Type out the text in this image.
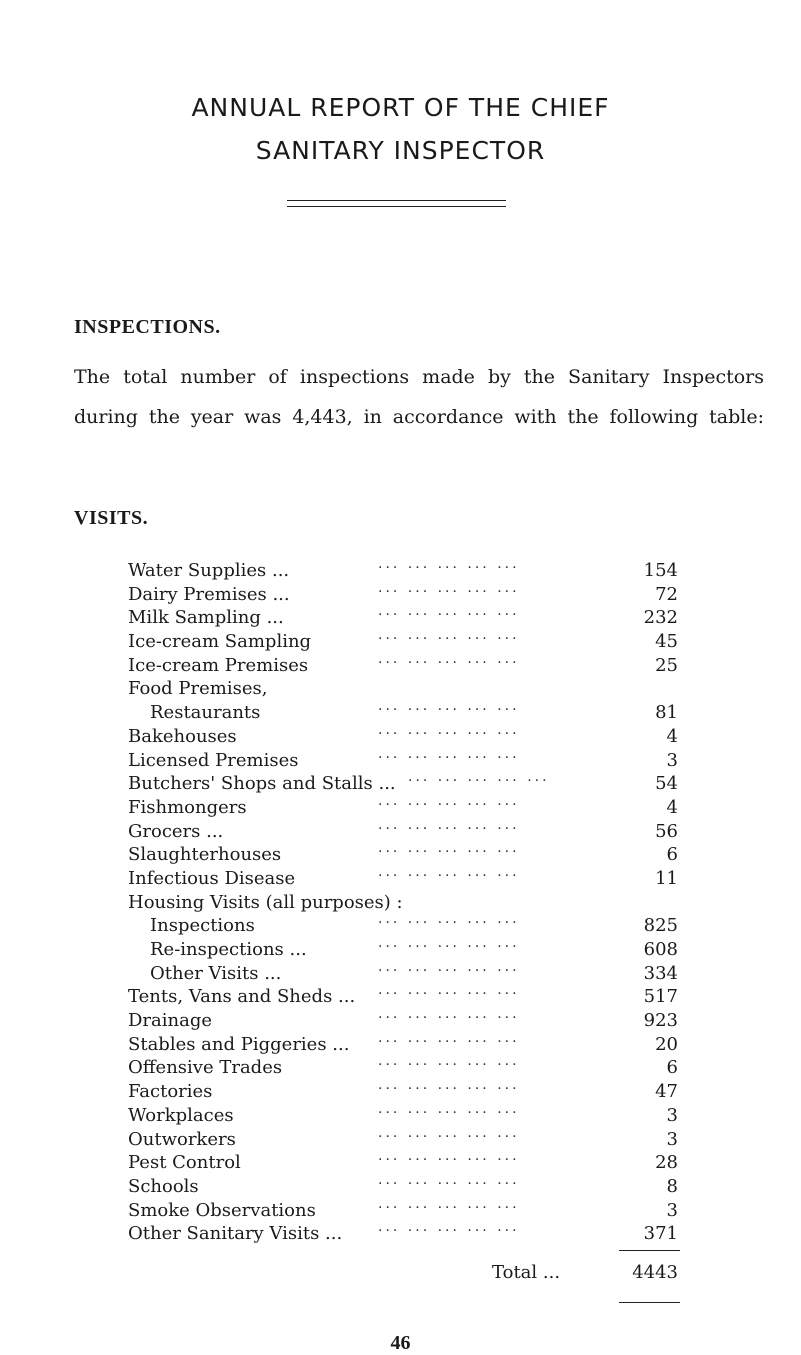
ANNUAL REPORT OF THE CHIEF
SANITARY INSPECTOR
INSPECTIONS.
The total number of inspections made by the Sanitary Inspectors
during the year was 4,443, in accordance with the following table:
VISITS.
Water Supplies ...	··· ··· ··· ··· ···	154
Dairy Premises ...	··· ··· ··· ··· ···	72
Milk Sampling ...	··· ··· ··· ··· ···	232
Ice-cream Sampling	··· ··· ··· ··· ···	45
Ice-cream Premises	··· ··· ··· ··· ···	25
Food Premises,
Restaurants	··· ··· ··· ··· ···	81
Bakehouses	··· ··· ··· ··· ···	4
Licensed Premises	··· ··· ··· ··· ···	3
Butchers' Shops and Stalls ... ··· ··· ··· ··· ···	54
Fishmongers	··· ··· ··· ··· ···	4
Grocers ...	··· ··· ··· ··· ···	56
Slaughterhouses	··· ··· ··· ··· ···	6
Infectious Disease	··· ··· ··· ··· ···	11
Housing Visits (all purposes) :
Inspections	··· ··· ··· ··· ···	825
Re-inspections ...	··· ··· ··· ··· ···	608
Other Visits ...	··· ··· ··· ··· ···	334
Tents, Vans and Sheds ... ··· ··· ··· ··· ···	517
Drainage	··· ··· ··· ··· ···	923
Stables and Piggeries ... ··· ··· ··· ··· ···	20
Offensive Trades	··· ··· ··· ··· ···	6
Factories	··· ··· ··· ··· ···	47
Workplaces	··· ··· ··· ··· ···	3
Outworkers	··· ··· ··· ··· ···	3
Pest Control	··· ··· ··· ··· ···	28
Schools	··· ··· ··· ··· ···	8
Smoke Observations	··· ··· ··· ··· ···	3
Other Sanitary Visits ...	··· ··· ··· ··· ···	371
Total ...	4443
46
